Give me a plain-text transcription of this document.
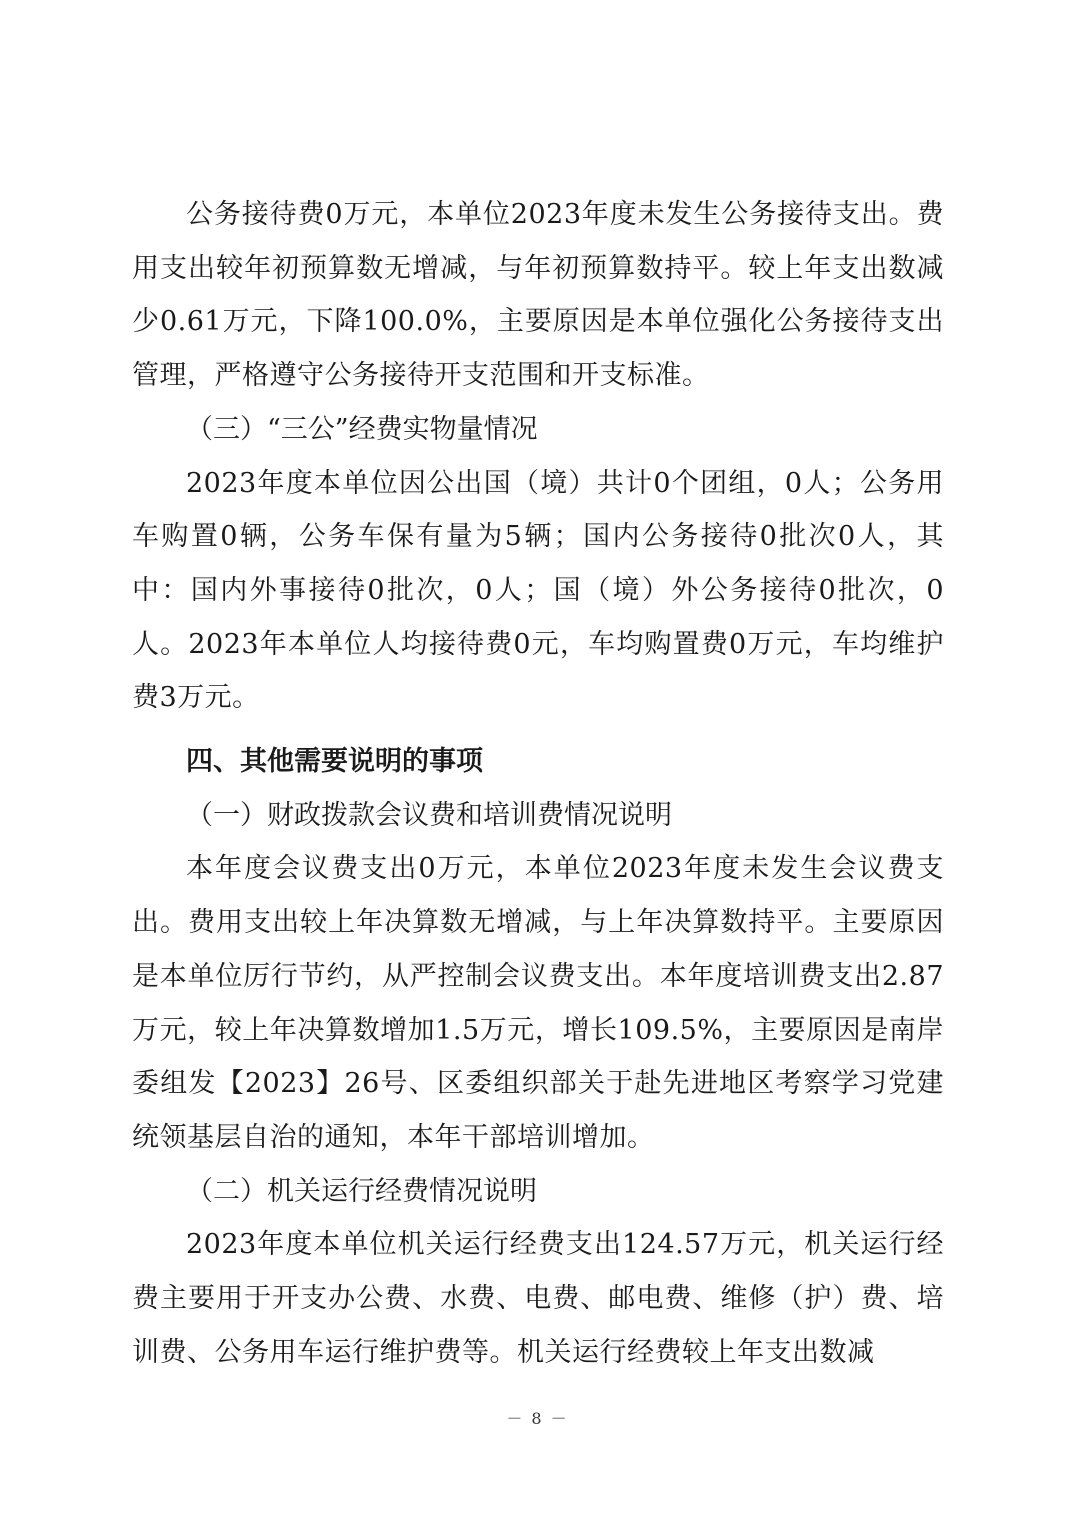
公务接待费0万元，本单位2023年度未发生公务接待支出。费用支出较年初预算数无增减，与年初预算数持平。较上年支出数减少0.61万元，下降100.0%，主要原因是本单位强化公务接待支出管理，严格遵守公务接待开支范围和开支标准。

（三）“三公”经费实物量情况

2023年度本单位因公出国（境）共计0个团组，0人；公务用车购置0辆，公务车保有量为5辆；国内公务接待0批次0人，其中：国内外事接待0批次，0人；国（境）外公务接待0批次，0人。2023年本单位人均接待费0元，车均购置费0万元，车均维护费3万元。

四、其他需要说明的事项

（一）财政拨款会议费和培训费情况说明

本年度会议费支出0万元，本单位2023年度未发生会议费支出。费用支出较上年决算数无增减，与上年决算数持平。主要原因是本单位厉行节约，从严控制会议费支出。本年度培训费支出2.87万元，较上年决算数增加1.5万元，增长109.5%，主要原因是南岸委组发【2023】26号、区委组织部关于赴先进地区考察学习党建统领基层自治的通知，本年干部培训增加。

（二）机关运行经费情况说明

2023年度本单位机关运行经费支出124.57万元，机关运行经费主要用于开支办公费、水费、电费、邮电费、维修（护）费、培训费、公务用车运行维护费等。机关运行经费较上年支出数减

－ 8 －
